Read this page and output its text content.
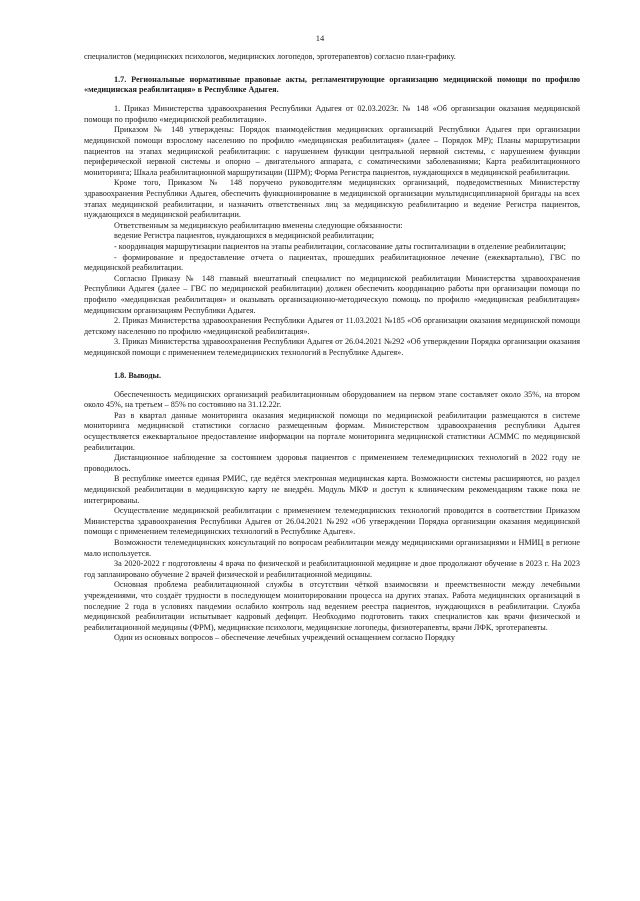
14

специалистов (медицинских психологов, медицинских логопедов, эрготерапевтов) согласно план-графику.

1.7. Региональные нормативные правовые акты, регламентирующие организацию медицинской помощи по профилю «медицинская реабилитация» в Республике Адыгея.

1. Приказ Министерства здравоохранения Республики Адыгея от 02.03.2023г. № 148 «Об организации оказания медицинской помощи по профилю «медицинской реабилитации».

Приказом № 148 утверждены: Порядок взаимодействия медицинских организаций Республики Адыгея при организации медицинской помощи взрослому населению по профилю «медицинская реабилитация» (далее – Порядок МР); Планы маршрутизации пациентов на этапах медицинской реабилитации: с нарушением функции центральной нервной системы, с нарушением функции периферической нервной системы и опорно – двигательного аппарата, с соматическими заболеваниями; Карта реабилитационного мониторинга; Шкала реабилитационной маршрутизации (ШРМ); Форма Регистра пациентов, нуждающихся в медицинской реабилитации.

Кроме того, Приказом № 148 поручено руководителям медицинских организаций, подведомственных Министерству здравоохранения Республики Адыгея, обеспечить функционирование в медицинской организации мультидисциплинарной бригады на всех этапах медицинской реабилитации, и назначить ответственных лиц за медицинскую реабилитацию и ведение Регистра пациентов, нуждающихся в медицинской реабилитации.

Ответственным за медицинскую реабилитацию вменены следующие обязанности:

ведение Регистра пациентов, нуждающихся в медицинской реабилитации;

- координация маршрутизации пациентов на этапы реабилитации, согласование даты госпитализации в отделение реабилитации;

- формирование и предоставление отчета о пациентах, прошедших реабилитационное лечение (ежеквартально), ГВС по медицинской реабилитации.

Согласно Приказу № 148 главный внештатный специалист по медицинской реабилитации Министерства здравоохранения Республики Адыгея (далее – ГВС по медицинской реабилитации) должен обеспечить координацию работы при организации помощи по профилю «медицинская реабилитация» и оказывать организационно-методическую помощь по профилю «медицинская реабилитация» медицинским организациям Республики Адыгея.

2. Приказ Министерства здравоохранения Республики Адыгея от 11.03.2021 №185 «Об организации оказания медицинской помощи детскому населению по профилю «медицинской реабилитация».

3. Приказ Министерства здравоохранения Республики Адыгея от 26.04.2021 №292 «Об утверждении Порядка организации оказания медицинской помощи с применением телемедицинских технологий в Республике Адыгея».

1.8. Выводы.

Обеспеченность медицинских организаций реабилитационным оборудованием на первом этапе составляет около 35%, на втором около 45%, на третьем – 85% по состоянию на 31.12.22г.

Раз в квартал данные мониторинга оказания медицинской помощи по медицинской реабилитации размещаются в системе мониторинга медицинской статистики согласно размещенным формам. Министерством здравоохранения республики Адыгея осуществляется ежеквартальное предоставление информации на портале мониторинга медицинской статистики АСММС по медицинской реабилитации.

Дистанционное наблюдение за состоянием здоровья пациентов с применением телемедицинских технологий в 2022 году не проводилось.

В республике имеется единая РМИС, где ведётся электронная медицинская карта. Возможности системы расширяются, но раздел медицинской реабилитации в медицинскую карту не внедрён. Модуль МКФ и доступ к клиническим рекомендациям также пока не интегрированы.

Осуществление медицинской реабилитации с применением телемедицинских технологий проводится в соответствии Приказом Министерства здравоохранения Республики Адыгея от 26.04.2021 №292 «Об утверждении Порядка организации оказания медицинской помощи с применением телемедицинских технологий в Республике Адыгея».

Возможности телемедицинских консультаций по вопросам реабилитации между медицинскими организациями и НМИЦ в регионе мало используется.

За 2020-2022 г подготовлены 4 врача по физической и реабилитационной медицине и двое продолжают обучение в 2023 г. На 2023 год запланировано обучение 2 врачей физической и реабилитационной медицины.

Основная проблема реабилитационной службы в отсутствии чёткой взаимосвязи и преемственности между лечебными учреждениями, что создаёт трудности в последующем мониторировании процесса на других этапах. Работа медицинских организаций в последние 2 года в условиях пандемии ослабило контроль над ведением реестра пациентов, нуждающихся в реабилитации. Служба медицинской реабилитации испытывает кадровый дефицит. Необходимо подготовить таких специалистов как врачи физической и реабилитационной медицины (ФРМ), медицинские психологи, медицинские логопеды, физиотерапевты, врачи ЛФК, эрготерапевты.

Один из основных вопросов – обеспечение лечебных учреждений оснащением согласно Порядку
